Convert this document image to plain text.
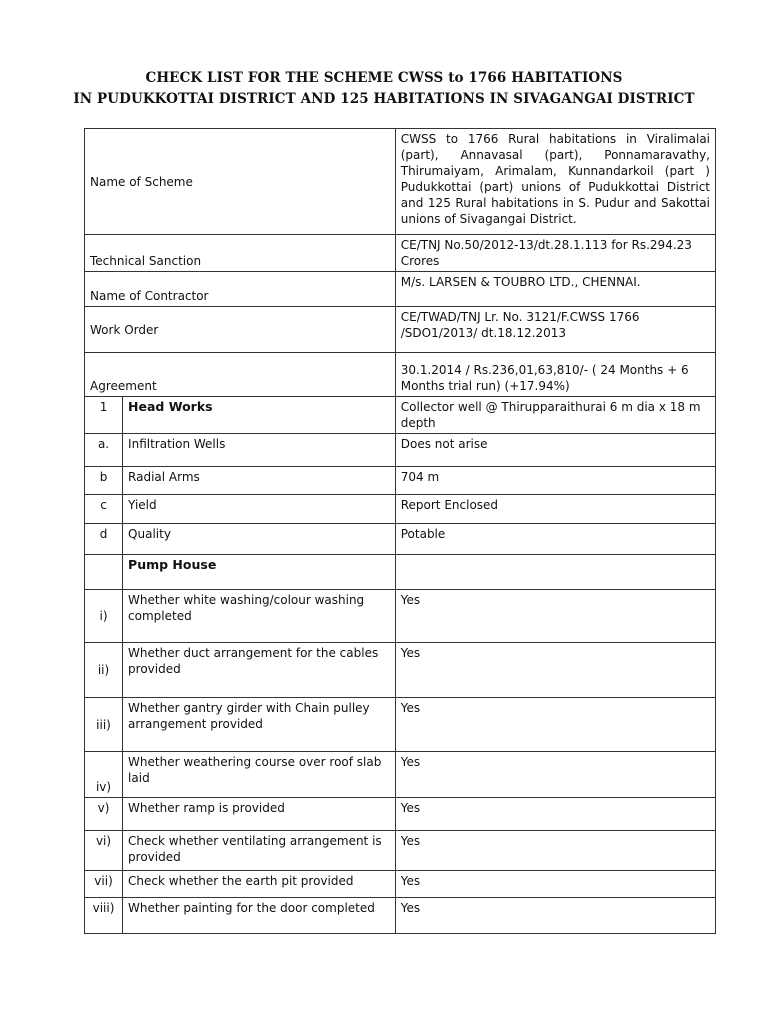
CHECK LIST FOR THE SCHEME CWSS to 1766 HABITATIONS
IN PUDUKKOTTAI DISTRICT AND 125 HABITATIONS IN SIVAGANGAI DISTRICT
Name of Scheme		CWSS to 1766 Rural habitations in Viralimalai (part), Annavasal (part), Ponnamaravathy, Thirumaiyam, Arimalam, Kunnandarkoil (part ) Pudukkottai (part) unions of Pudukkottai District and 125 Rural habitations in S. Pudur and Sakottai unions of Sivagangai District.
Technical Sanction		CE/TNJ No.50/2012-13/dt.28.1.113 for Rs.294.23 Crores
Name of Contractor		M/s. LARSEN & TOUBRO LTD., CHENNAI.
Work Order		CE/TWAD/TNJ Lr. No. 3121/F.CWSS 1766 /SDO1/2013/ dt.18.12.2013
Agreement		30.1.2014 / Rs.236,01,63,810/- ( 24 Months + 6 Months trial run) (+17.94%)
1	Head Works	Collector well @ Thirupparaithurai 6 m dia x 18 m depth
a.	Infiltration Wells	Does not arise
b	Radial Arms	704 m
c	Yield	Report Enclosed
d	Quality	Potable
	Pump House	
i)	Whether white washing/colour washing completed	Yes
ii)	Whether duct arrangement for the cables provided	Yes
iii)	Whether gantry girder with Chain pulley arrangement provided	Yes
iv)	Whether weathering course over roof slab laid	Yes
v)	Whether ramp is provided	Yes
vi)	Check whether ventilating arrangement is provided	Yes
vii)	Check whether the earth pit provided	Yes
viii)	Whether painting for the door completed	Yes
